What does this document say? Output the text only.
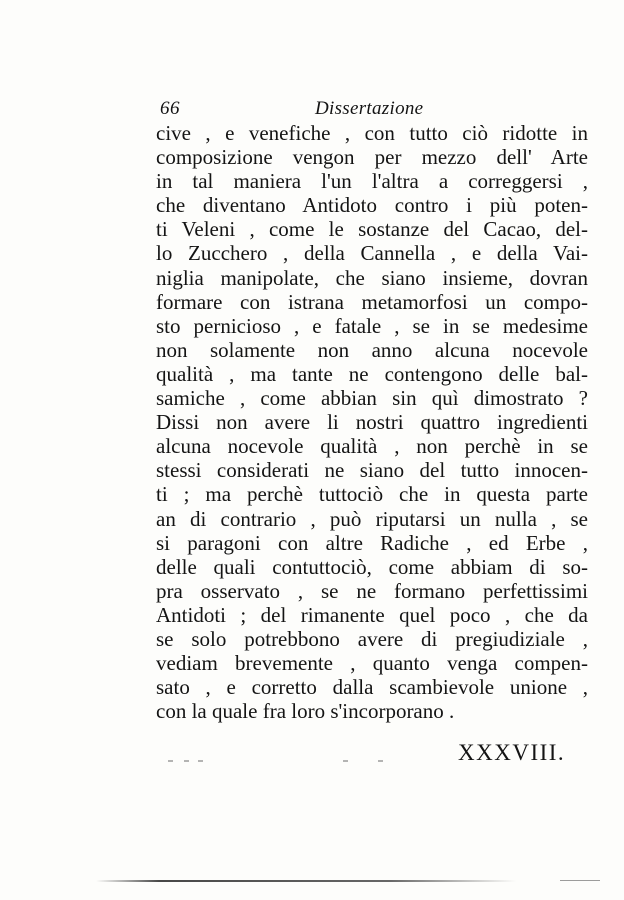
66	Dissertazione
cive , e venefiche , con tutto ciò ridotte in
composizione vengon per mezzo dell' Arte
in tal maniera l'un l'altra a correggersi ,
che diventano Antidoto contro i più poten-
ti Veleni , come le sostanze del Cacao, del-
lo Zucchero , della Cannella , e della Vai-
niglia manipolate, che siano insieme, dovran
formare con istrana metamorfosi un compo-
sto pernicioso , e fatale , se in se medesime
non solamente non anno alcuna nocevole
qualità , ma tante ne contengono delle bal-
samiche , come abbian sin quì dimostrato ?
Dissi non avere li nostri quattro ingredienti
alcuna nocevole qualità , non perchè in se
stessi considerati ne siano del tutto innocen-
ti ; ma perchè tuttociò che in questa parte
an di contrario , può riputarsi un nulla , se
si paragoni con altre Radiche , ed Erbe ,
delle quali contuttociò, come abbiam di so-
pra osservato , se ne formano perfettissimi
Antidoti ; del rimanente quel poco , che da
se solo potrebbono avere di pregiudiziale ,
vediam brevemente , quanto venga compen-
sato , e corretto dalla scambievole unione ,
con la quale fra loro s'incorporano .
XXXVIII.
